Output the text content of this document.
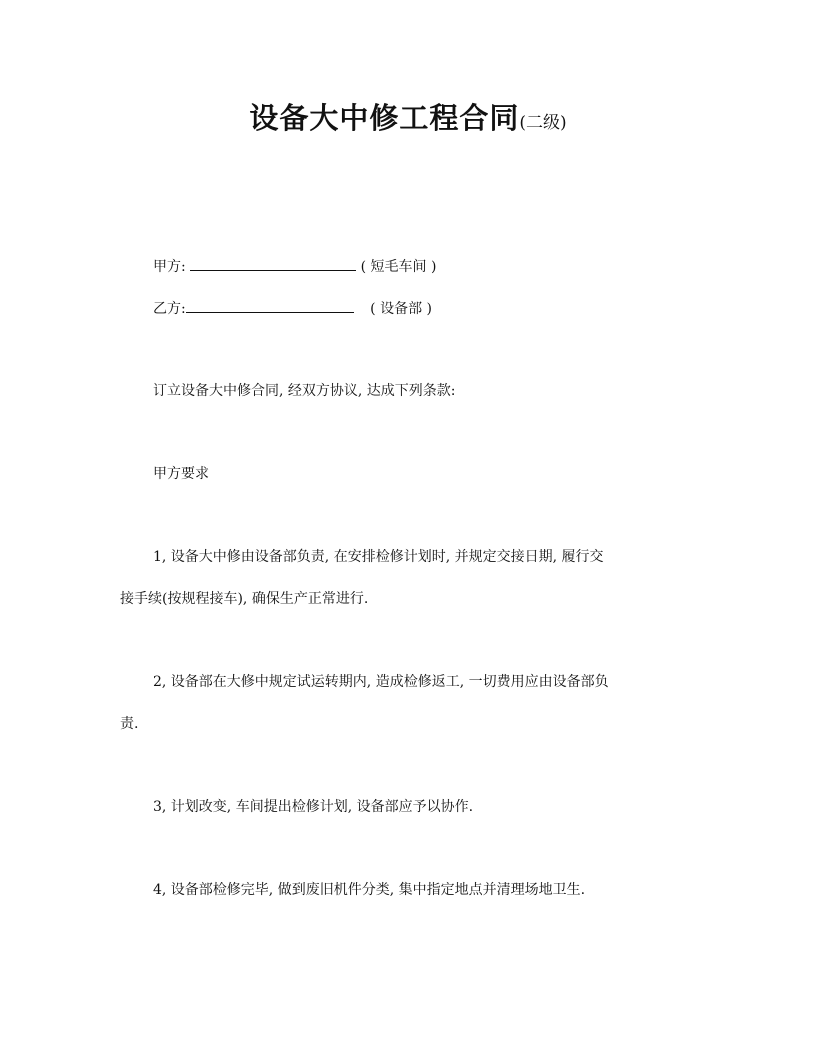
设备大中修工程合同(二级)
甲方:	( 短毛车间 )
乙方:	( 设备部 )
订立设备大中修合同, 经双方协议, 达成下列条款:
甲方要求
1, 设备大中修由设备部负责, 在安排检修计划时, 并规定交接日期, 履行交
接手续(按规程接车), 确保生产正常进行.
2, 设备部在大修中规定试运转期内, 造成检修返工, 一切费用应由设备部负
责.
3, 计划改变, 车间提出检修计划, 设备部应予以协作.
4, 设备部检修完毕, 做到废旧机件分类, 集中指定地点并清理场地卫生.
